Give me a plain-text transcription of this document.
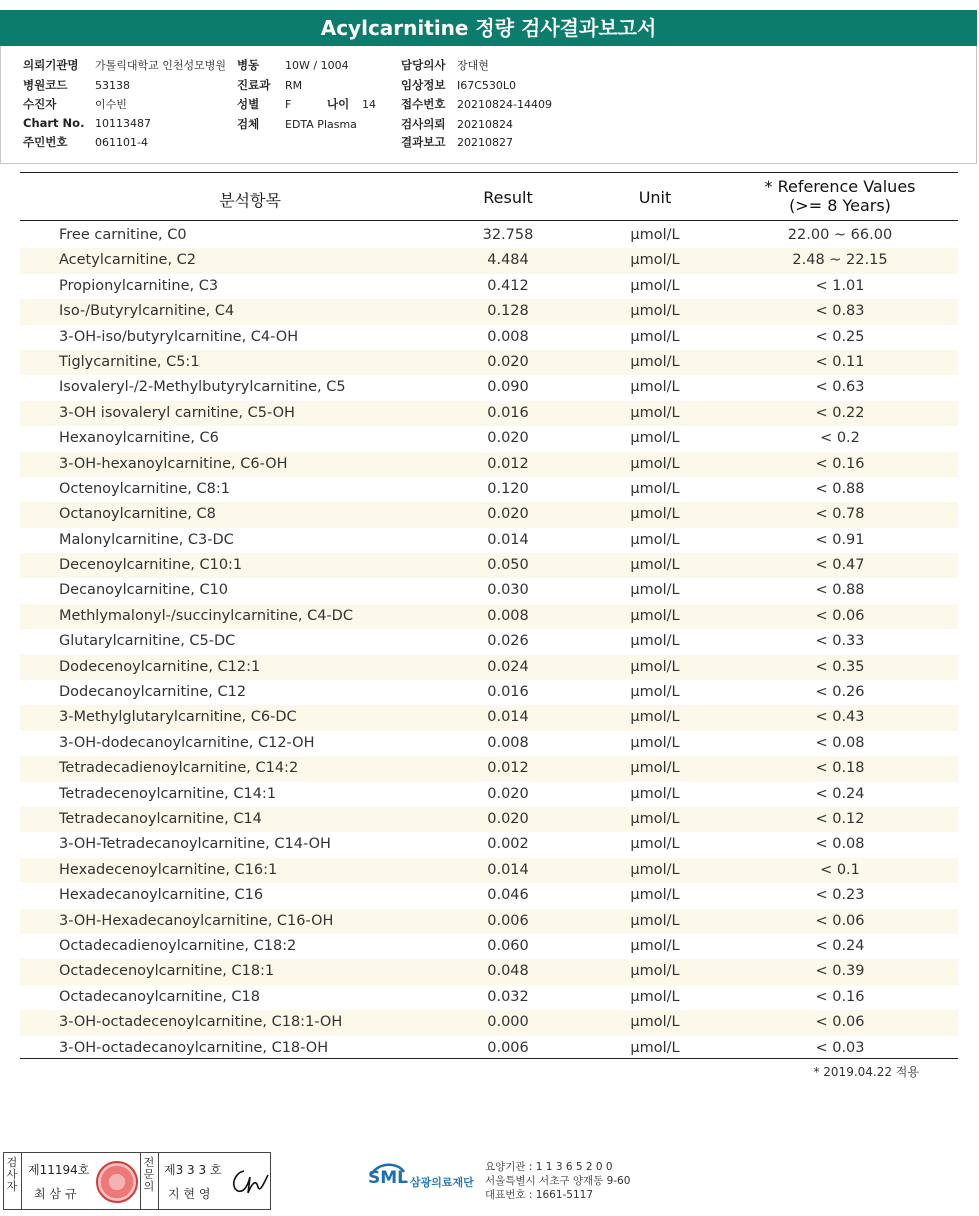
Acylcarnitine 정량 검사결과보고서
의뢰기관명 가톨릭대학교 인천성모병원
병원코드	53138
수진자	이수빈
Chart No. 10113487
주민번호	061101-4
병동 10W / 1004
진료과 RM
성별 F	나이 14
검체 EDTA Plasma
담당의사 장대현
임상정보 I67C530L0
접수번호 20210824-14409
검사의뢰 20210824
결과보고 20210827
분석항목	Result	Unit
* Reference Values
(>= 8 Years)
Free carnitine, C0	32.758	μmol/L	22.00 ~ 66.00
Acetylcarnitine, C2	4.484	μmol/L	2.48 ~ 22.15
Propionylcarnitine, C3	0.412	μmol/L	< 1.01
Iso-/Butyrylcarnitine, C4	0.128	μmol/L	< 0.83
3-OH-iso/butyrylcarnitine, C4-OH	0.008	μmol/L	< 0.25
Tiglycarnitine, C5:1	0.020	μmol/L	< 0.11
Isovaleryl-/2-Methylbutyrylcarnitine, C5	0.090	μmol/L	< 0.63
3-OH isovaleryl carnitine, C5-OH	0.016	μmol/L	< 0.22
Hexanoylcarnitine, C6	0.020	μmol/L	< 0.2
3-OH-hexanoylcarnitine, C6-OH	0.012	μmol/L	< 0.16
Octenoylcarnitine, C8:1	0.120	μmol/L	< 0.88
Octanoylcarnitine, C8	0.020	μmol/L	< 0.78
Malonylcarnitine, C3-DC	0.014	μmol/L	< 0.91
Decenoylcarnitine, C10:1	0.050	μmol/L	< 0.47
Decanoylcarnitine, C10	0.030	μmol/L	< 0.88
Methlymalonyl-/succinylcarnitine, C4-DC	0.008	μmol/L	< 0.06
Glutarylcarnitine, C5-DC	0.026	μmol/L	< 0.33
Dodecenoylcarnitine, C12:1	0.024	μmol/L	< 0.35
Dodecanoylcarnitine, C12	0.016	μmol/L	< 0.26
3-Methylglutarylcarnitine, C6-DC	0.014	μmol/L	< 0.43
3-OH-dodecanoylcarnitine, C12-OH	0.008	μmol/L	< 0.08
Tetradecadienoylcarnitine, C14:2	0.012	μmol/L	< 0.18
Tetradecenoylcarnitine, C14:1	0.020	μmol/L	< 0.24
Tetradecanoylcarnitine, C14	0.020	μmol/L	< 0.12
3-OH-Tetradecanoylcarnitine, C14-OH	0.002	μmol/L	< 0.08
Hexadecenoylcarnitine, C16:1	0.014	μmol/L	< 0.1
Hexadecanoylcarnitine, C16	0.046	μmol/L	< 0.23
3-OH-Hexadecanoylcarnitine, C16-OH	0.006	μmol/L	< 0.06
Octadecadienoylcarnitine, C18:2	0.060	μmol/L	< 0.24
Octadecenoylcarnitine, C18:1	0.048	μmol/L	< 0.39
Octadecanoylcarnitine, C18	0.032	μmol/L	< 0.16
3-OH-octadecenoylcarnitine, C18:1-OH	0.000	μmol/L	< 0.06
3-OH-octadecanoylcarnitine, C18-OH	0.006	μmol/L	< 0.03
* 2019.04.22 적용
검사자
제11194호
최 삼 규
전문의
제3 3 3 호
지 현 영
SML 삼광의료재단
요양기관 : 1 1 3 6 5 2 0 0
서울특별시 서초구 양재동 9-60
대표번호 : 1661-5117
